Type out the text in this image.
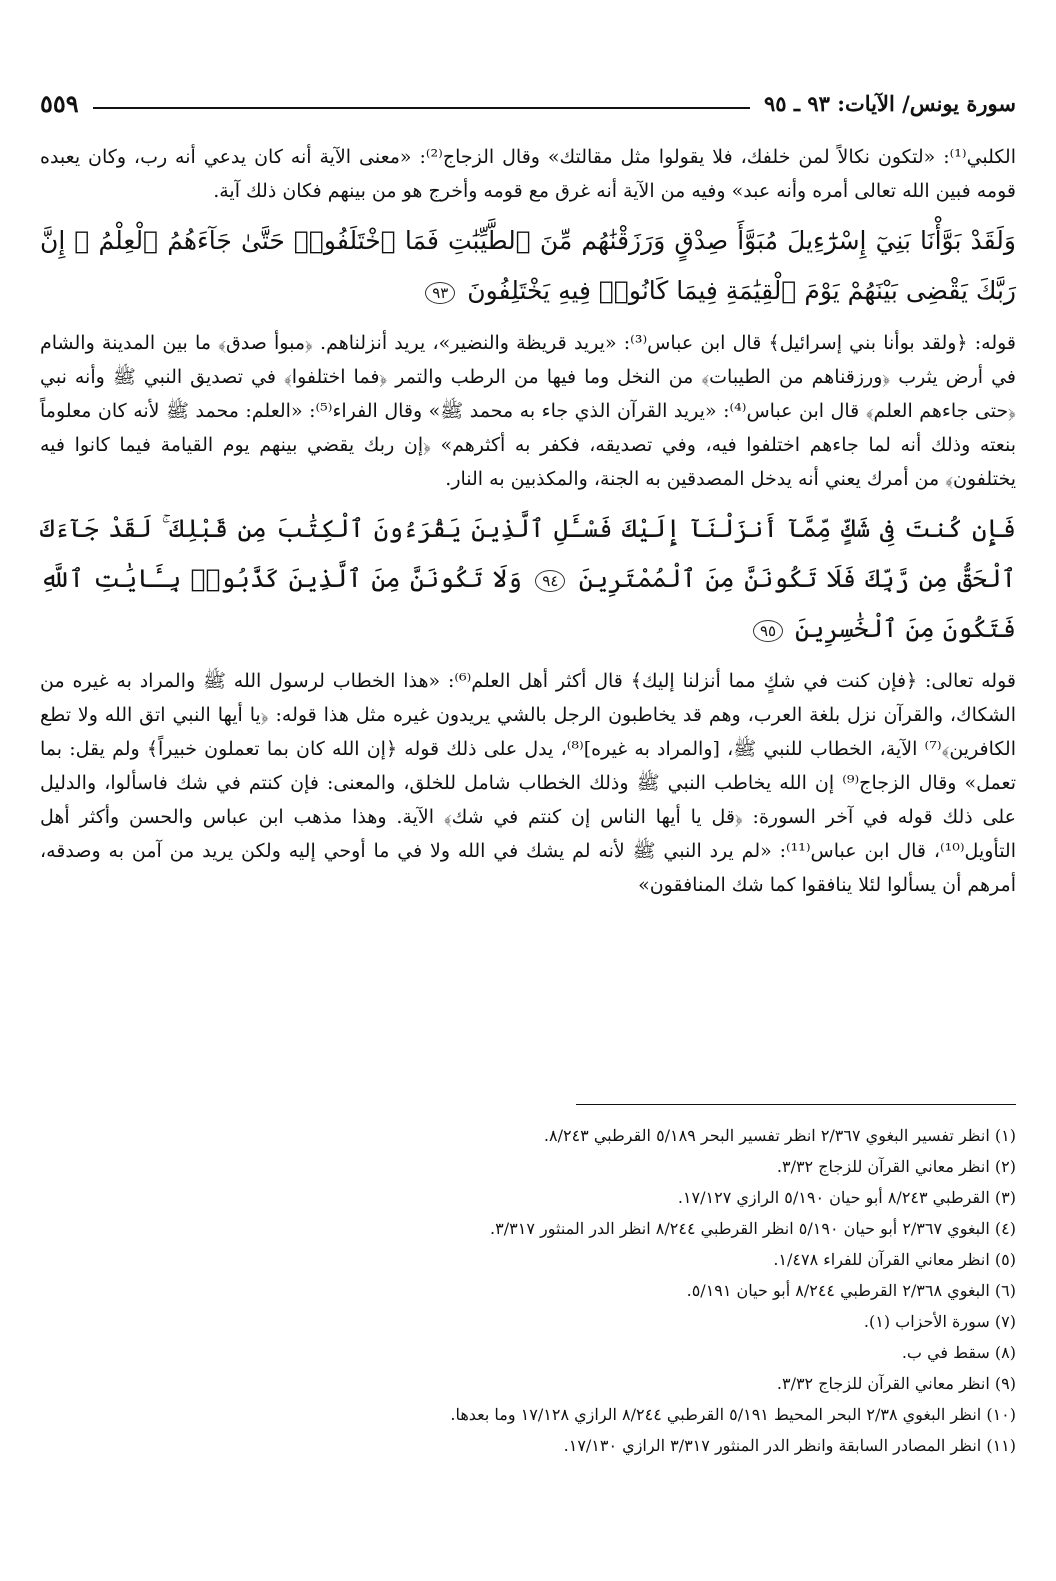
سورة يونس/ الآيات: ٩٣ ـ ٩٥
٥٥٩

الكلبي⁽¹⁾: «لتكون نكالاً لمن خلفك، فلا يقولوا مثل مقالتك» وقال الزجاج⁽²⁾: «معنى الآية أنه كان يدعي أنه رب، وكان يعبده قومه فبين الله تعالى أمره وأنه عبد» وفيه من الآية أنه غرق مع قومه وأخرج هو من بينهم فكان ذلك آية.

وَلَقَدْ بَوَّأْنَا بَنِيٓ إِسْرَٰٓءِيلَ مُبَوَّأَ صِدْقٍ وَرَزَقْنَٰهُم مِّنَ ٱلطَّيِّبَٰتِ فَمَا ٱخْتَلَفُوا۟ حَتَّىٰ جَآءَهُمُ ٱلْعِلْمُ ۚ إِنَّ رَبَّكَ يَقْضِى بَيْنَهُمْ يَوْمَ ٱلْقِيَٰمَةِ فِيمَا كَانُوا۟ فِيهِ يَخْتَلِفُونَ ٩٣

قوله: ﴿ولقد بوأنا بني إسرائيل﴾ قال ابن عباس⁽³⁾: «يريد قريظة والنضير»، يريد أنزلناهم. ﴿مبوأ صدق﴾ ما بين المدينة والشام في أرض يثرب ﴿ورزقناهم من الطيبات﴾ من النخل وما فيها من الرطب والتمر ﴿فما اختلفوا﴾ في تصديق النبي ﷺ وأنه نبي ﴿حتى جاءهم العلم﴾ قال ابن عباس⁽⁴⁾: «يريد القرآن الذي جاء به محمد ﷺ» وقال الفراء⁽⁵⁾: «العلم: محمد ﷺ لأنه كان معلوماً بنعته وذلك أنه لما جاءهم اختلفوا فيه، وفي تصديقه، فكفر به أكثرهم» ﴿إن ربك يقضي بينهم يوم القيامة فيما كانوا فيه يختلفون﴾ من أمرك يعني أنه يدخل المصدقين به الجنة، والمكذبين به النار.

فَإِن كُنتَ فِى شَكٍّ مِّمَّآ أَنزَلْنَآ إِلَيْكَ فَسْـَٔلِ ٱلَّذِينَ يَقْرَءُونَ ٱلْكِتَٰبَ مِن قَبْلِكَ ۚ لَقَدْ جَآءَكَ ٱلْحَقُّ مِن رَّبِّكَ فَلَا تَكُونَنَّ مِنَ ٱلْمُمْتَرِينَ ٩٤ وَلَا تَكُونَنَّ مِنَ ٱلَّذِينَ كَذَّبُوا۟ بِـَٔايَٰتِ ٱللَّهِ فَتَكُونَ مِنَ ٱلْخَٰسِرِينَ ٩٥

قوله تعالى: ﴿فإن كنت في شكٍ مما أنزلنا إليك﴾ قال أكثر أهل العلم⁽⁶⁾: «هذا الخطاب لرسول الله ﷺ والمراد به غيره من الشكاك، والقرآن نزل بلغة العرب، وهم قد يخاطبون الرجل بالشي يريدون غيره مثل هذا قوله: ﴿يا أيها النبي اتق الله ولا تطع الكافرين﴾⁽⁷⁾ الآية، الخطاب للنبي ﷺ، [والمراد به غيره]⁽⁸⁾، يدل على ذلك قوله ﴿إن الله كان بما تعملون خبيراً﴾ ولم يقل: بما تعمل» وقال الزجاج⁽⁹⁾ إن الله يخاطب النبي ﷺ وذلك الخطاب شامل للخلق، والمعنى: فإن كنتم في شك فاسألوا، والدليل على ذلك قوله في آخر السورة: ﴿قل يا أيها الناس إن كنتم في شك﴾ الآية. وهذا مذهب ابن عباس والحسن وأكثر أهل التأويل⁽¹⁰⁾، قال ابن عباس⁽¹¹⁾: «لم يرد النبي ﷺ لأنه لم يشك في الله ولا في ما أوحي إليه ولكن يريد من آمن به وصدقه، أمرهم أن يسألوا لئلا ينافقوا كما شك المنافقون»

(١) انظر تفسير البغوي ٢/٣٦٧ انظر تفسير البحر ٥/١٨٩ القرطبي ٨/٢٤٣.
(٢) انظر معاني القرآن للزجاج ٣/٣٢.
(٣) القرطبي ٨/٢٤٣ أبو حيان ٥/١٩٠ الرازي ١٧/١٢٧.
(٤) البغوي ٢/٣٦٧ أبو حيان ٥/١٩٠ انظر القرطبي ٨/٢٤٤ انظر الدر المنثور ٣/٣١٧.
(٥) انظر معاني القرآن للفراء ١/٤٧٨.
(٦) البغوي ٢/٣٦٨ القرطبي ٨/٢٤٤ أبو حيان ٥/١٩١.
(٧) سورة الأحزاب (١).
(٨) سقط في ب.
(٩) انظر معاني القرآن للزجاج ٣/٣٢.
(١٠) انظر البغوي ٢/٣٨ البحر المحيط ٥/١٩١ القرطبي ٨/٢٤٤ الرازي ١٧/١٢٨ وما بعدها.
(١١) انظر المصادر السابقة وانظر الدر المنثور ٣/٣١٧ الرازي ١٧/١٣٠.
